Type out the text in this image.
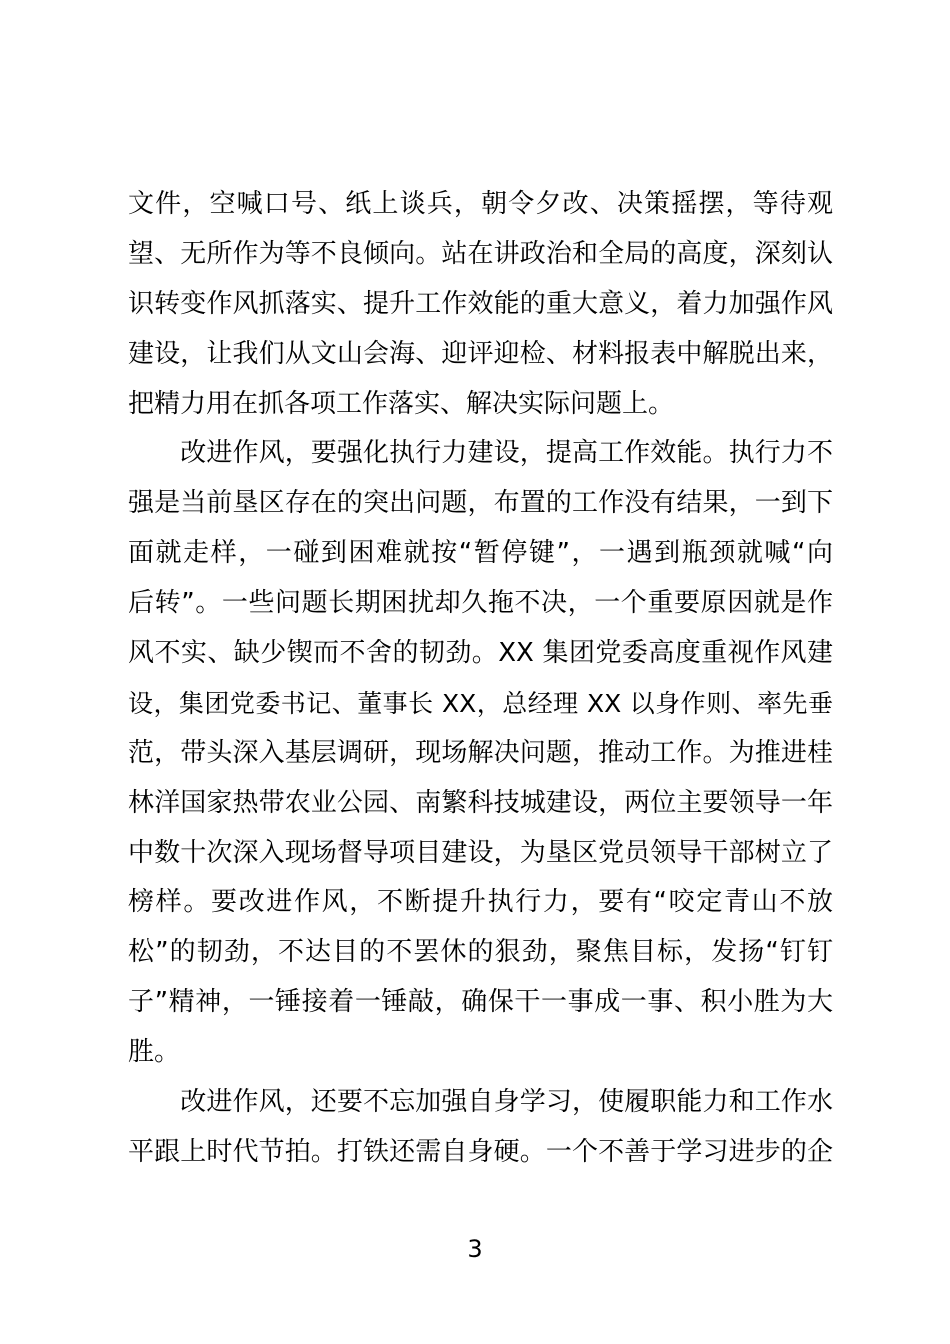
文件，空喊口号、纸上谈兵，朝令夕改、决策摇摆，等待观
望、无所作为等不良倾向。站在讲政治和全局的高度，深刻认
识转变作风抓落实、提升工作效能的重大意义，着力加强作风
建设，让我们从文山会海、迎评迎检、材料报表中解脱出来，
把精力用在抓各项工作落实、解决实际问题上。
　　改进作风，要强化执行力建设，提高工作效能。执行力不
强是当前垦区存在的突出问题，布置的工作没有结果，一到下
面就走样，一碰到困难就按“暂停键”，一遇到瓶颈就喊“向
后转”。一些问题长期困扰却久拖不决，一个重要原因就是作
风不实、缺少锲而不舍的韧劲。XX 集团党委高度重视作风建
设，集团党委书记、董事长 XX，总经理 XX 以身作则、率先垂
范，带头深入基层调研，现场解决问题，推动工作。为推进桂
林洋国家热带农业公园、南繁科技城建设，两位主要领导一年
中数十次深入现场督导项目建设，为垦区党员领导干部树立了
榜样。要改进作风，不断提升执行力，要有“咬定青山不放
松”的韧劲，不达目的不罢休的狠劲，聚焦目标，发扬“钉钉
子”精神，一锤接着一锤敲，确保干一事成一事、积小胜为大
胜。
　　改进作风，还要不忘加强自身学习，使履职能力和工作水
平跟上时代节拍。打铁还需自身硬。一个不善于学习进步的企
3
